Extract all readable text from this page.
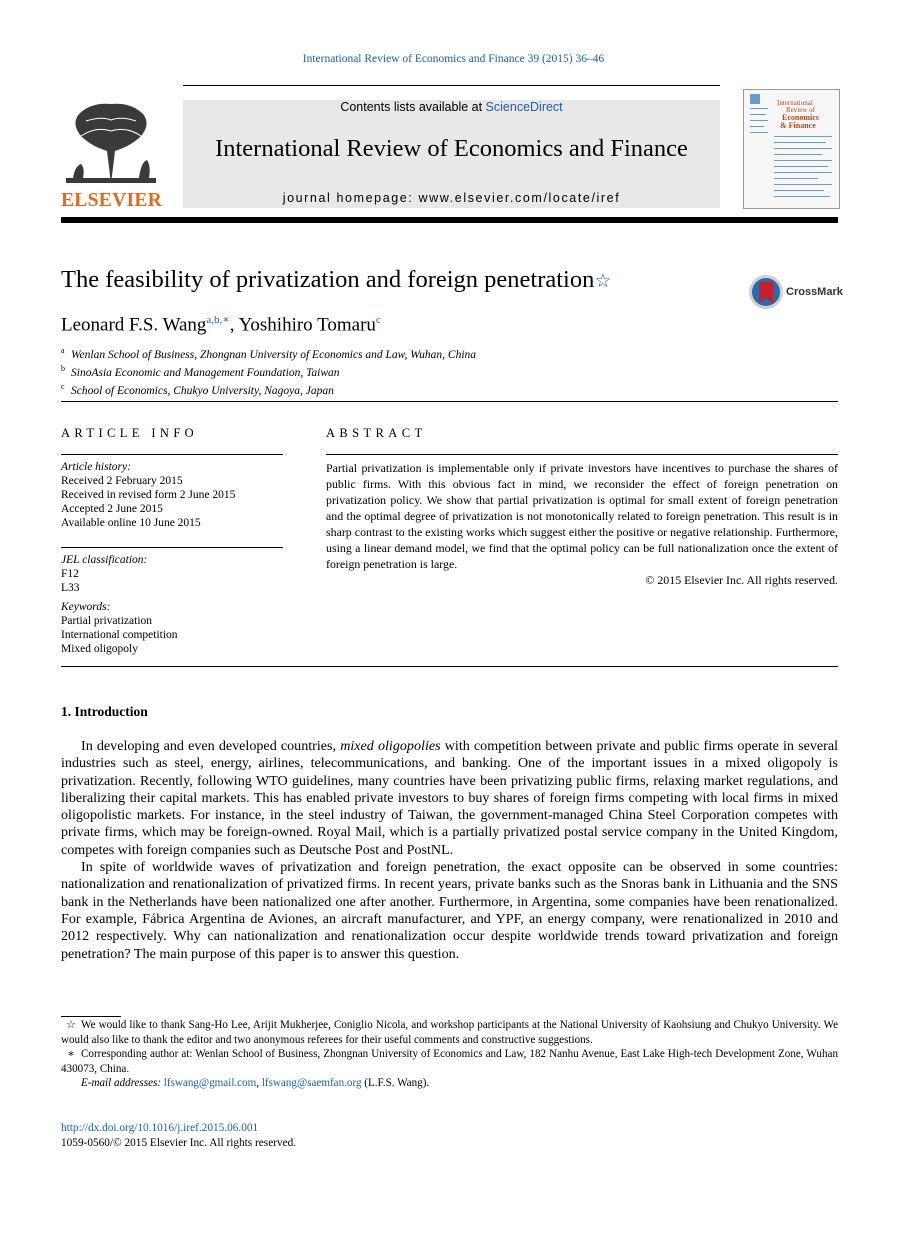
International Review of Economics and Finance 39 (2015) 36–46
ELSEVIER
Contents lists available at ScienceDirect
International Review of Economics and Finance
journal homepage: www.elsevier.com/locate/iref
International
Review of
Economics
& Finance
The feasibility of privatization and foreign penetration☆	CrossMark
Leonard F.S. Wang$^{a,b,∗}$, Yoshihiro Tomaru$^c$
a Wenlan School of Business, Zhongnan University of Economics and Law, Wuhan, China
b SinoAsia Economic and Management Foundation, Taiwan
c School of Economics, Chukyo University, Nagoya, Japan
ARTICLE INFO
Article history:
Received 2 February 2015
Received in revised form 2 June 2015
Accepted 2 June 2015
Available online 10 June 2015
JEL classification:
F12
L33
Keywords:
Partial privatization
International competition
Mixed oligopoly
ABSTRACT
Partial privatization is implementable only if private investors have incentives to purchase the shares of public firms. With this obvious fact in mind, we reconsider the effect of foreign penetration on privatization policy. We show that partial privatization is optimal for small extent of foreign penetration and the optimal degree of privatization is not monotonically related to foreign penetration. This result is in sharp contrast to the existing works which suggest either the positive or negative relationship. Furthermore, using a linear demand model, we find that the optimal policy can be full nationalization once the extent of foreign penetration is large.
© 2015 Elsevier Inc. All rights reserved.
1. Introduction

In developing and even developed countries, mixed oligopolies with competition between private and public firms operate in several industries such as steel, energy, airlines, telecommunications, and banking. One of the important issues in a mixed oligopoly is privatization. Recently, following WTO guidelines, many countries have been privatizing public firms, relaxing market regulations, and liberalizing their capital markets. This has enabled private investors to buy shares of foreign firms competing with local firms in mixed oligopolistic markets. For instance, in the steel industry of Taiwan, the government-managed China Steel Corporation competes with private firms, which may be foreign-owned. Royal Mail, which is a partially privatized postal service company in the United Kingdom, competes with foreign companies such as Deutsche Post and PostNL.

In spite of worldwide waves of privatization and foreign penetration, the exact opposite can be observed in some countries: nationalization and renationalization of privatized firms. In recent years, private banks such as the Snoras bank in Lithuania and the SNS bank in the Netherlands have been nationalized one after another. Furthermore, in Argentina, some companies have been renationalized. For example, Fábrica Argentina de Aviones, an aircraft manufacturer, and YPF, an energy company, were renationalized in 2010 and 2012 respectively. Why can nationalization and renationalization occur despite worldwide trends toward privatization and foreign penetration? The main purpose of this paper is to answer this question.

☆ We would like to thank Sang-Ho Lee, Arijit Mukherjee, Coniglio Nicola, and workshop participants at the National University of Kaohsiung and Chukyo University. We would also like to thank the editor and two anonymous referees for their useful comments and constructive suggestions.

∗ Corresponding author at: Wenlan School of Business, Zhongnan University of Economics and Law, 182 Nanhu Avenue, East Lake High-tech Development Zone, Wuhan 430073, China.

E-mail addresses: lfswang@gmail.com, lfswang@saemfan.org (L.F.S. Wang).

http://dx.doi.org/10.1016/j.iref.2015.06.001
1059-0560/© 2015 Elsevier Inc. All rights reserved.
